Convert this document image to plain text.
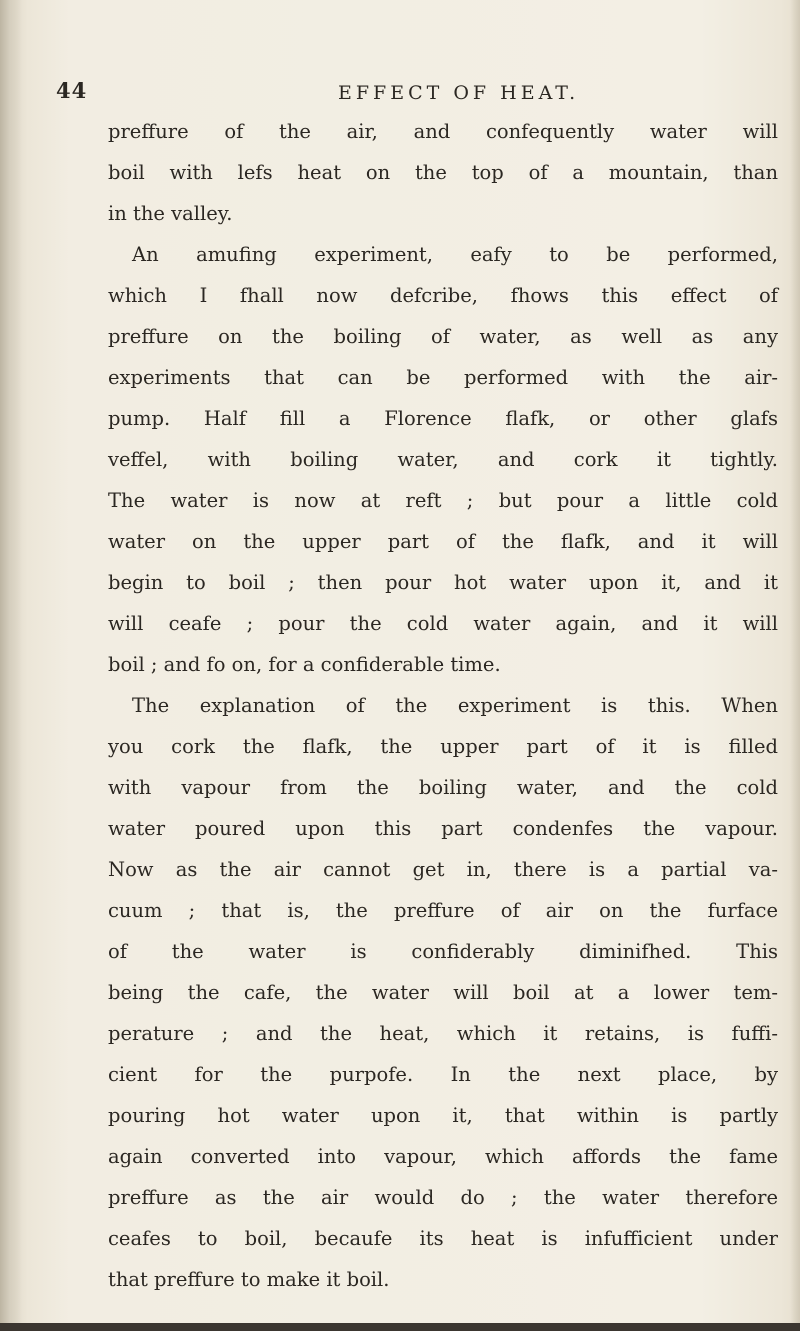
44	EFFECT OF HEAT.
preffure of the air, and confequently water will
boil with lefs heat on the top of a mountain, than
in the valley.
An amufing experiment, eafy to be performed,
which I fhall now defcribe, fhows this effect of
preffure on the boiling of water, as well as any
experiments that can be performed with the air-
pump. Half fill a Florence flafk, or other glafs
veffel, with boiling water, and cork it tightly.
The water is now at reft ; but pour a little cold
water on the upper part of the flafk, and it will
begin to boil ; then pour hot water upon it, and it
will ceafe ; pour the cold water again, and it will
boil ; and fo on, for a confiderable time.
The explanation of the experiment is this. When
you cork the flafk, the upper part of it is filled
with vapour from the boiling water, and the cold
water poured upon this part condenfes the vapour.
Now as the air cannot get in, there is a partial va-
cuum ; that is, the preffure of air on the furface
of the water is confiderably diminifhed. This
being the cafe, the water will boil at a lower tem-
perature ; and the heat, which it retains, is fuffi-
cient for the purpofe. In the next place, by
pouring hot water upon it, that within is partly
again converted into vapour, which affords the fame
preffure as the air would do ; the water therefore
ceafes to boil, becaufe its heat is infufficient under
that preffure to make it boil.
